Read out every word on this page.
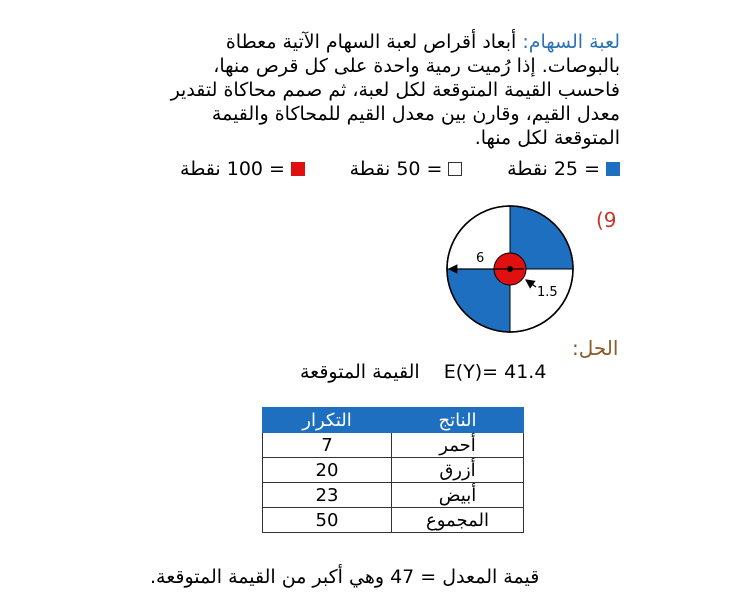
لعبة السهام: أبعاد أقراص لعبة السهام الآتية معطاة بالبوصات. إذا رُميت رمية واحدة على كل قرص منها، فاحسب القيمة المتوقعة لكل لعبة، ثم صمم محاكاة لتقدير معدل القيم، وقارن بين معدل القيم للمحاكاة والقيمة المتوقعة لكل منها.
= 25 نقطة
= 50 نقطة
= 100 نقطة
(9
6
1.5
الحل:
القيمة المتوقعة E(Y)= 41.4
الناتج	التكرار
أحمر	7
أزرق	20
أبيض	23
المجموع	50
قيمة المعدل = 47 وهي أكبر من القيمة المتوقعة.
